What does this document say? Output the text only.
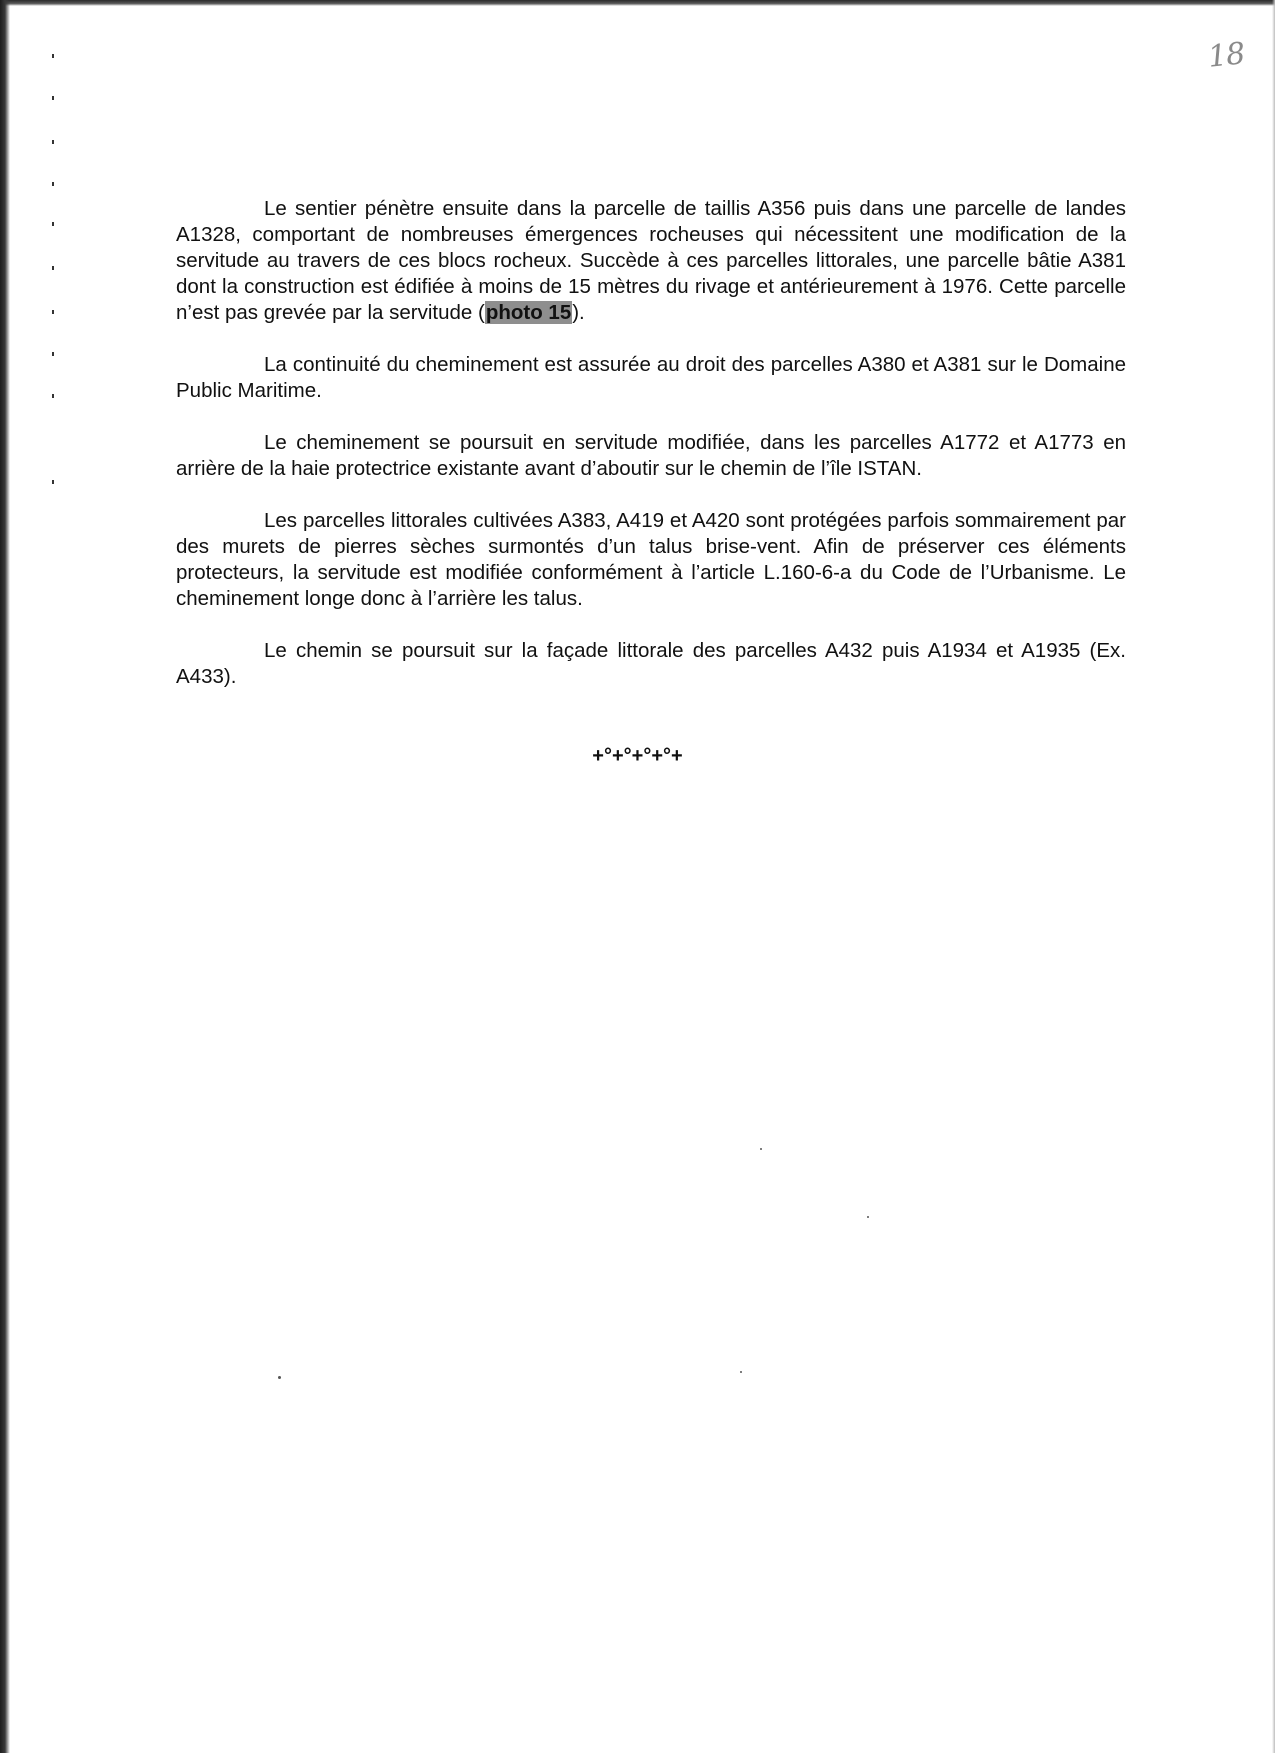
18

Le sentier pénètre ensuite dans la parcelle de taillis A356 puis dans une parcelle de landes A1328, comportant de nombreuses émergences rocheuses qui nécessitent une modification de la servitude au travers de ces blocs rocheux. Succède à ces parcelles littorales, une parcelle bâtie A381 dont la construction est édifiée à moins de 15 mètres du rivage et antérieurement à 1976. Cette parcelle n’est pas grevée par la servitude (photo 15).

La continuité du cheminement est assurée au droit des parcelles A380 et A381 sur le Domaine Public Maritime.

Le cheminement se poursuit en servitude modifiée, dans les parcelles A1772 et A1773 en arrière de la haie protectrice existante avant d’aboutir sur le chemin de l’île ISTAN.

Les parcelles littorales cultivées A383, A419 et A420 sont protégées parfois sommairement par des murets de pierres sèches surmontés d’un talus brise-vent. Afin de préserver ces éléments protecteurs, la servitude est modifiée conformément à l’article L.160-6-a du Code de l’Urbanisme. Le cheminement longe donc à l’arrière les talus.

Le chemin se poursuit sur la façade littorale des parcelles A432 puis A1934 et A1935 (Ex. A433).

+°+°+°+°+
